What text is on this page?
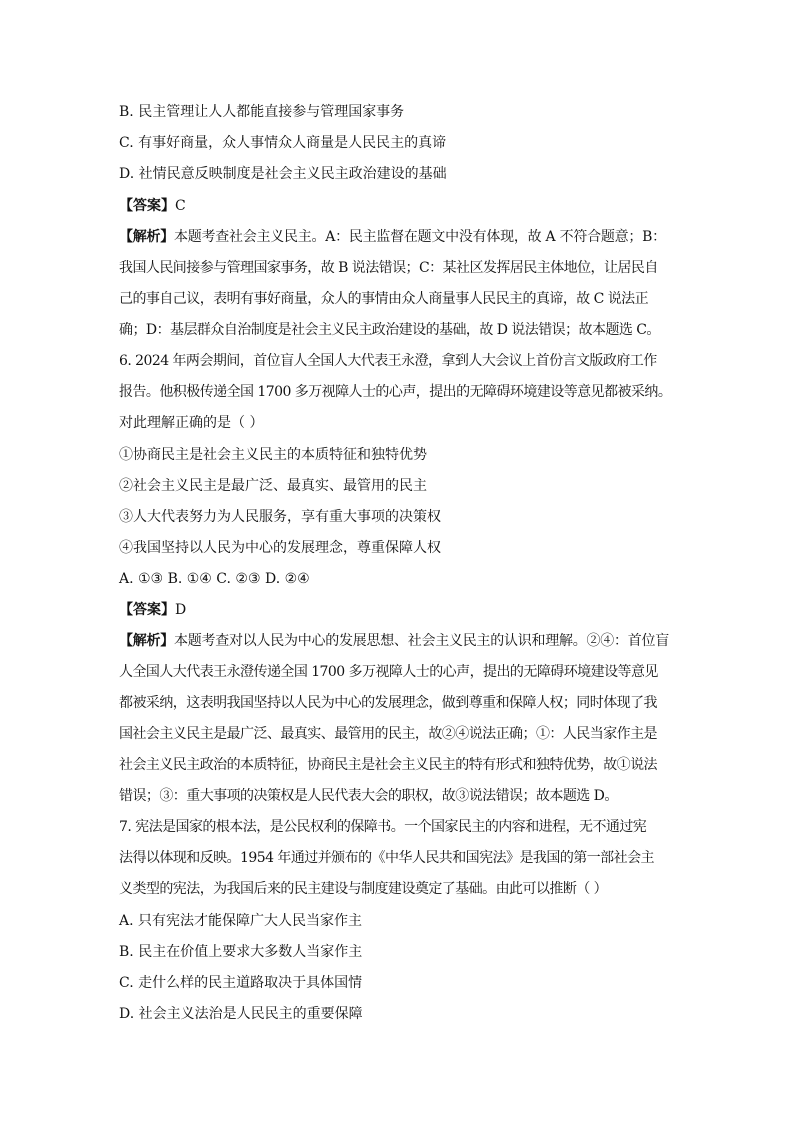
B. 民主管理让人人都能直接参与管理国家事务
C. 有事好商量，众人事情众人商量是人民民主的真谛
D. 社情民意反映制度是社会主义民主政治建设的基础
【答案】C
【解析】本题考查社会主义民主。A：民主监督在题文中没有体现，故 A 不符合题意；B：
我国人民间接参与管理国家事务，故 B 说法错误；C：某社区发挥居民主体地位，让居民自
己的事自己议，表明有事好商量，众人的事情由众人商量事人民民主的真谛，故 C 说法正
确；D：基层群众自治制度是社会主义民主政治建设的基础，故 D 说法错误；故本题选 C。
6. 2024 年两会期间，首位盲人全国人大代表王永澄，拿到人大会议上首份言文版政府工作
报告。他积极传递全国 1700 多万视障人士的心声，提出的无障碍环境建设等意见都被采纳。
对此理解正确的是（ ）
①协商民主是社会主义民主的本质特征和独特优势
②社会主义民主是最广泛、最真实、最管用的民主
③人大代表努力为人民服务，享有重大事项的决策权
④我国坚持以人民为中心的发展理念，尊重保障人权
A. ①③ B. ①④ C. ②③ D. ②④
【答案】D
【解析】本题考查对以人民为中心的发展思想、社会主义民主的认识和理解。②④：首位盲
人全国人大代表王永澄传递全国 1700 多万视障人士的心声，提出的无障碍环境建设等意见
都被采纳，这表明我国坚持以人民为中心的发展理念，做到尊重和保障人权；同时体现了我
国社会主义民主是最广泛、最真实、最管用的民主，故②④说法正确；①：人民当家作主是
社会主义民主政治的本质特征，协商民主是社会主义民主的特有形式和独特优势，故①说法
错误；③：重大事项的决策权是人民代表大会的职权，故③说法错误；故本题选 D。
7. 宪法是国家的根本法，是公民权利的保障书。一个国家民主的内容和进程，无不通过宪
法得以体现和反映。1954 年通过并颁布的《中华人民共和国宪法》是我国的第一部社会主
义类型的宪法，为我国后来的民主建设与制度建设奠定了基础。由此可以推断（ ）
A. 只有宪法才能保障广大人民当家作主
B. 民主在价值上要求大多数人当家作主
C. 走什么样的民主道路取决于具体国情
D. 社会主义法治是人民民主的重要保障
